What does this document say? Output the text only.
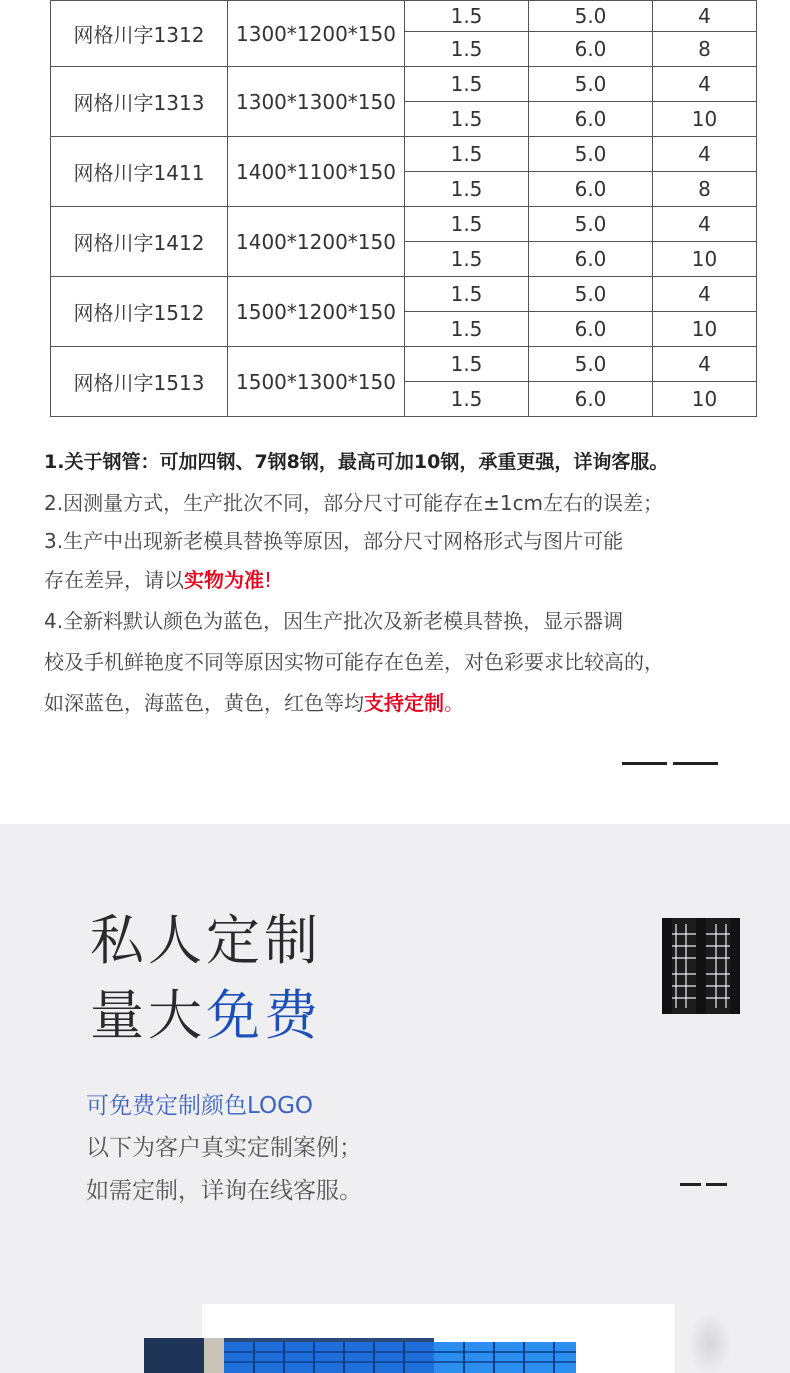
网格川字1312	1300*1200*150	1.5	5.0	4
		1.5	6.0	8
网格川字1313	1300*1300*150	1.5	5.0	4
		1.5	6.0	10
网格川字1411	1400*1100*150	1.5	5.0	4
		1.5	6.0	8
网格川字1412	1400*1200*150	1.5	5.0	4
		1.5	6.0	10
网格川字1512	1500*1200*150	1.5	5.0	4
		1.5	6.0	10
网格川字1513	1500*1300*150	1.5	5.0	4
		1.5	6.0	10
1.关于钢管：可加四钢、7钢8钢，最高可加10钢，承重更强，详询客服。
2.因测量方式，生产批次不同，部分尺寸可能存在±1cm左右的误差；
3.生产中出现新老模具替换等原因，部分尺寸网格形式与图片可能
存在差异，请以实物为准!
4.全新料默认颜色为蓝色，因生产批次及新老模具替换，显示器调
校及手机鲜艳度不同等原因实物可能存在色差，对色彩要求比较高的，
如深蓝色，海蓝色，黄色，红色等均支持定制。
私人定制
量大免费
可免费定制颜色LOGO
以下为客户真实定制案例；
如需定制，详询在线客服。
